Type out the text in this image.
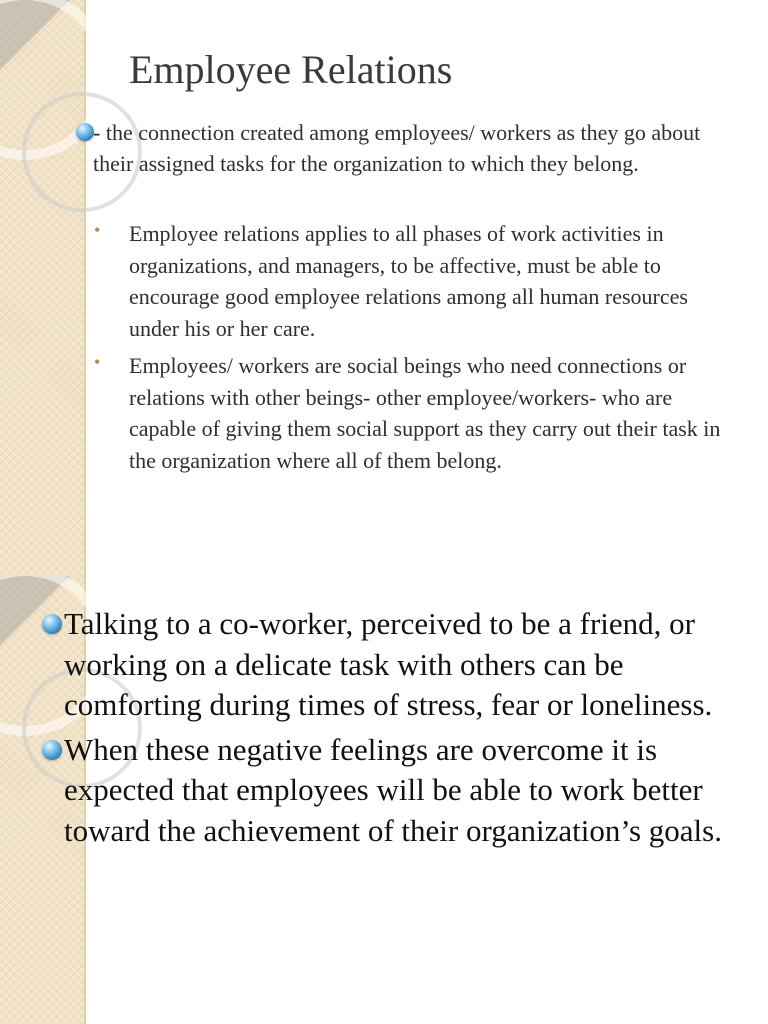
Employee Relations

- the connection created among employees/ workers as they go about their assigned tasks for the organization to which they belong.

• Employee relations applies to all phases of work activities in organizations, and managers, to be affective, must be able to encourage good employee relations among all human resources under his or her care.
• Employees/ workers are social beings who need connections or relations with other beings- other employee/workers- who are capable of giving them social support as they carry out their task in the organization where all of them belong.
Talking to a co-worker, perceived to be a friend, or working on a delicate task with others can be comforting during times of stress, fear or loneliness.
When these negative feelings are overcome it is expected that employees will be able to work better toward the achievement of their organization’s goals.
